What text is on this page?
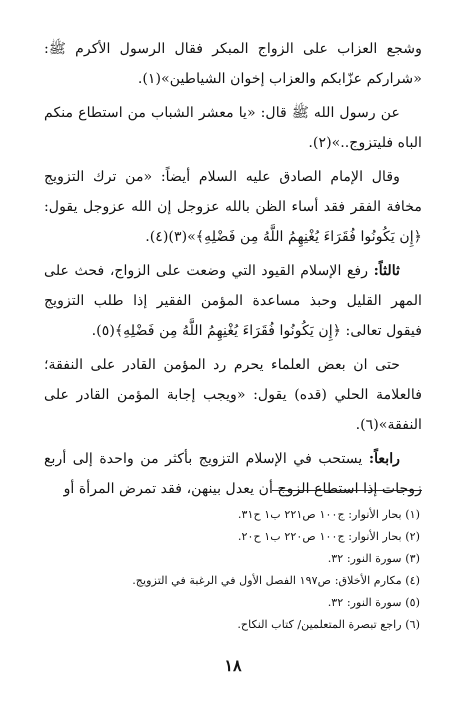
وشجع العزاب على الزواج المبكر فقال الرسول الأكرم ﷺ: «شراركم عزّابكم والعزاب إخوان الشياطين»(١).

عن رسول الله ﷺ قال: «يا معشر الشباب من استطاع منكم الباه فليتزوج..»(٢).

وقال الإمام الصادق عليه السلام أيضاً: «من ترك التزويج مخافة الفقر فقد أساء الظن بالله عزوجل إن الله عزوجل يقول: ﴿إِن يَكُونُوا فُقَرَاءَ يُغْنِهِمُ اللَّهُ مِن فَضْلِهِ﴾»(٣)(٤).

ثالثاً: رفع الإسلام القيود التي وضعت على الزواج، فحث على المهر القليل وحبذ مساعدة المؤمن الفقير إذا طلب التزويج فيقول تعالى: ﴿إِن يَكُونُوا فُقَرَاءَ يُغْنِهِمُ اللَّهُ مِن فَضْلِهِ﴾(٥).

حتى ان بعض العلماء يحرم رد المؤمن القادر على النفقة؛ فالعلامة الحلي (قده) يقول: «ويجب إجابة المؤمن القادر على النفقة»(٦).

رابعاً: يستحب في الإسلام التزويج بأكثر من واحدة إلى أربع زوجات إذا استطاع الزوج أن يعدل بينهن، فقد تمرض المرأة أو

(١) بحار الأنوار: ج١٠٠ ص٢٢١ ب١ ح٣١.
(٢) بحار الأنوار: ج١٠٠ ص٢٢٠ ب١ ح٢٠.
(٣) سورة النور: ٣٢.
(٤) مكارم الأخلاق: ص١٩٧ الفصل الأول في الرغبة في التزويج.
(٥) سورة النور: ٣٢.
(٦) راجع تبصرة المتعلمين/ كتاب النكاح.
١٨
